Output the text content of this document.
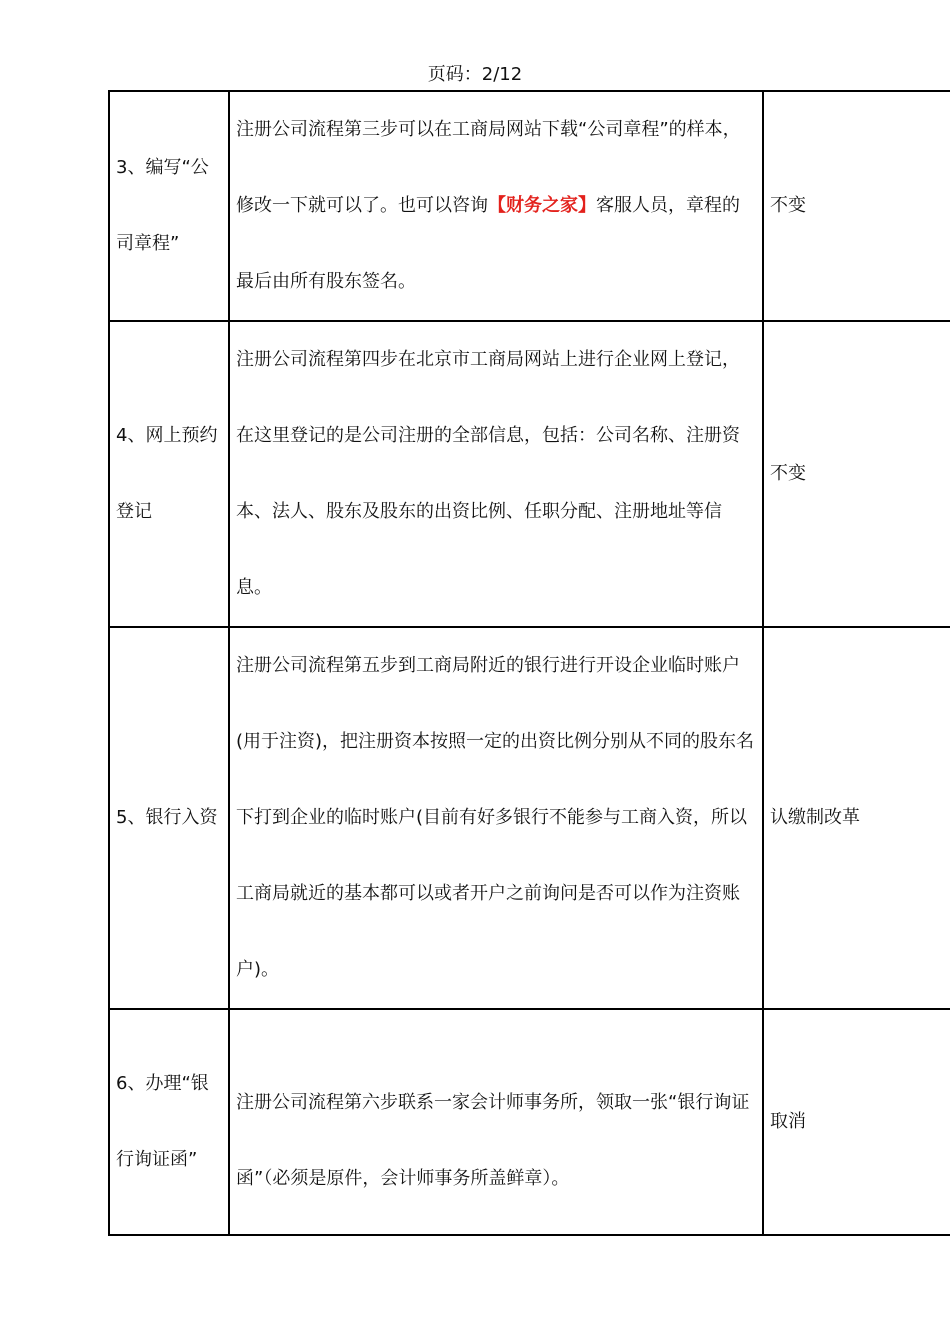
页码：2/12
3、编写“公司章程”	注册公司流程第三步可以在工商局网站下载“公司章程”的样本，修改一下就可以了。也可以咨询【财务之家】客服人员，章程的最后由所有股东签名。	不变
4、网上预约登记	注册公司流程第四步在北京市工商局网站上进行企业网上登记，在这里登记的是公司注册的全部信息，包括：公司名称、注册资本、法人、股东及股东的出资比例、任职分配、注册地址等信息。	不变
5、银行入资	注册公司流程第五步到工商局附近的银行进行开设企业临时账户(用于注资)，把注册资本按照一定的出资比例分别从不同的股东名下打到企业的临时账户(目前有好多银行不能参与工商入资，所以工商局就近的基本都可以或者开户之前询问是否可以作为注资账户)。	认缴制改革
6、办理“银行询证函”	注册公司流程第六步联系一家会计师事务所，领取一张“银行询证函”（必须是原件，会计师事务所盖鲜章）。	取消
